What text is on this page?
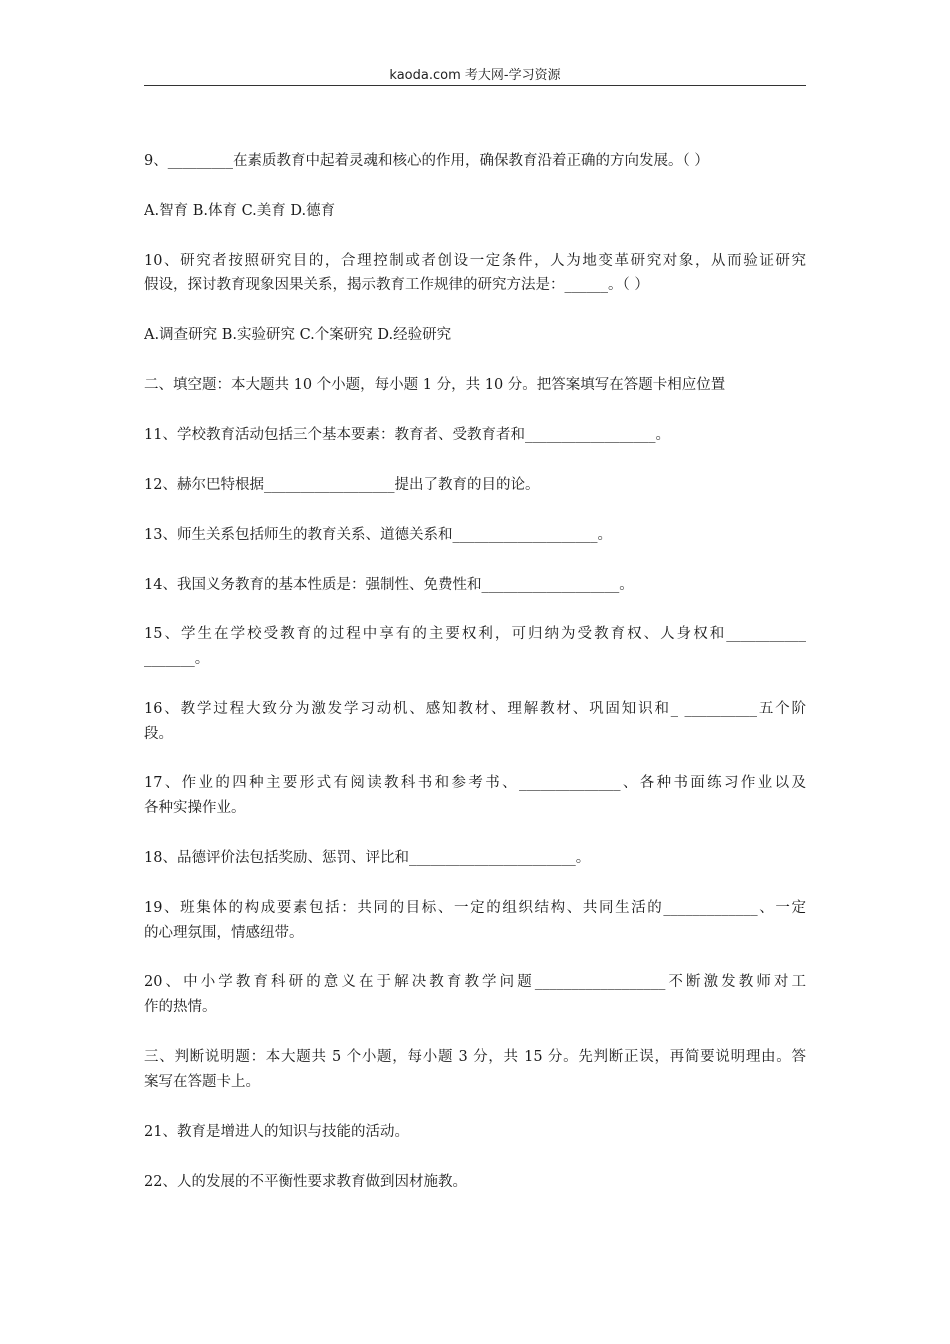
kaoda.com 考大网-学习资源
9、_________在素质教育中起着灵魂和核心的作用，确保教育沿着正确的方向发展。（ ）
A.智育 B.体育 C.美育 D.德育
10、研究者按照研究目的，合理控制或者创设一定条件，人为地变革研究对象，从而验证研究
假设，探讨教育现象因果关系，揭示教育工作规律的研究方法是：______。（ ）
A.调查研究 B.实验研究 C.个案研究 D.经验研究
二、填空题：本大题共 10 个小题，每小题 1 分，共 10 分。把答案填写在答题卡相应位置
11、学校教育活动包括三个基本要素：教育者、受教育者和__________________。
12、赫尔巴特根据__________________提出了教育的目的论。
13、师生关系包括师生的教育关系、道德关系和____________________。
14、我国义务教育的基本性质是：强制性、免费性和___________________。
15、学生在学校受教育的过程中享有的主要权利，可归纳为受教育权、人身权和___________
_______。
16、教学过程大致分为激发学习动机、感知教材、理解教材、巩固知识和_ __________五个阶
段。
17、作业的四种主要形式有阅读教科书和参考书、______________、各种书面练习作业以及
各种实操作业。
18、品德评价法包括奖励、惩罚、评比和_______________________。
19、班集体的构成要素包括：共同的目标、一定的组织结构、共同生活的_____________、一定
的心理氛围，情感纽带。
20、中小学教育科研的意义在于解决教育教学问题__________________不断激发教师对工
作的热情。
三、判断说明题：本大题共 5 个小题，每小题 3 分，共 15 分。先判断正误，再简要说明理由。答
案写在答题卡上。
21、教育是增进人的知识与技能的活动。
22、人的发展的不平衡性要求教育做到因材施教。
